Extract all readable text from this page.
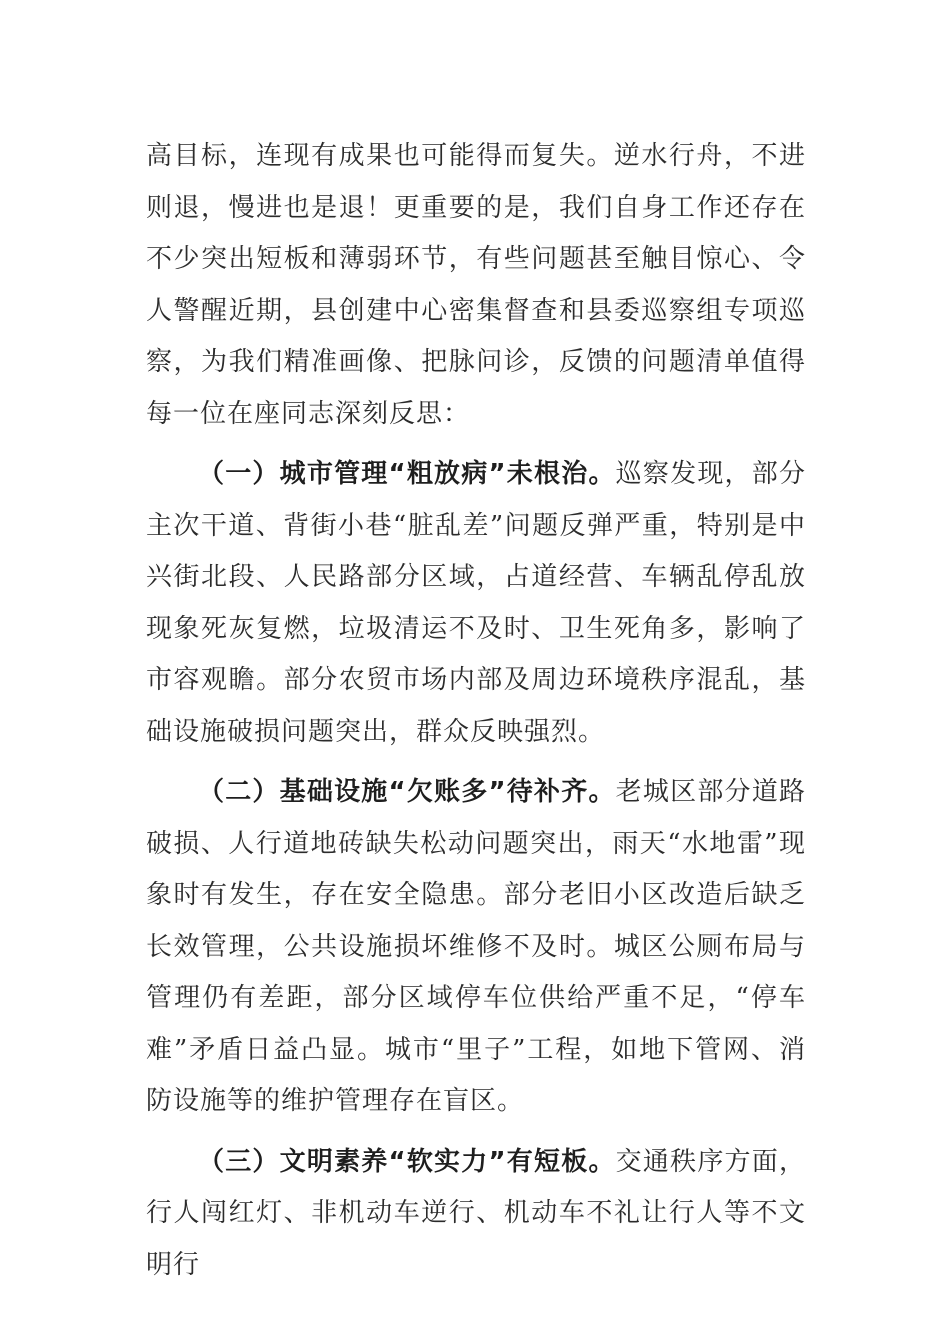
高目标，连现有成果也可能得而复失。逆水行舟，不进则退，慢进也是退！更重要的是，我们自身工作还存在不少突出短板和薄弱环节，有些问题甚至触目惊心、令人警醒近期，县创建中心密集督查和县委巡察组专项巡察，为我们精准画像、把脉问诊，反馈的问题清单值得每一位在座同志深刻反思：

（一）城市管理“粗放病”未根治。巡察发现，部分主次干道、背街小巷“脏乱差”问题反弹严重，特别是中兴街北段、人民路部分区域，占道经营、车辆乱停乱放现象死灰复燃，垃圾清运不及时、卫生死角多，影响了市容观瞻。部分农贸市场内部及周边环境秩序混乱，基础设施破损问题突出，群众反映强烈。

（二）基础设施“欠账多”待补齐。老城区部分道路破损、人行道地砖缺失松动问题突出，雨天“水地雷”现象时有发生，存在安全隐患。部分老旧小区改造后缺乏长效管理，公共设施损坏维修不及时。城区公厕布局与管理仍有差距，部分区域停车位供给严重不足，“停车难”矛盾日益凸显。城市“里子”工程，如地下管网、消防设施等的维护管理存在盲区。

（三）文明素养“软实力”有短板。交通秩序方面，行人闯红灯、非机动车逆行、机动车不礼让行人等不文明行
